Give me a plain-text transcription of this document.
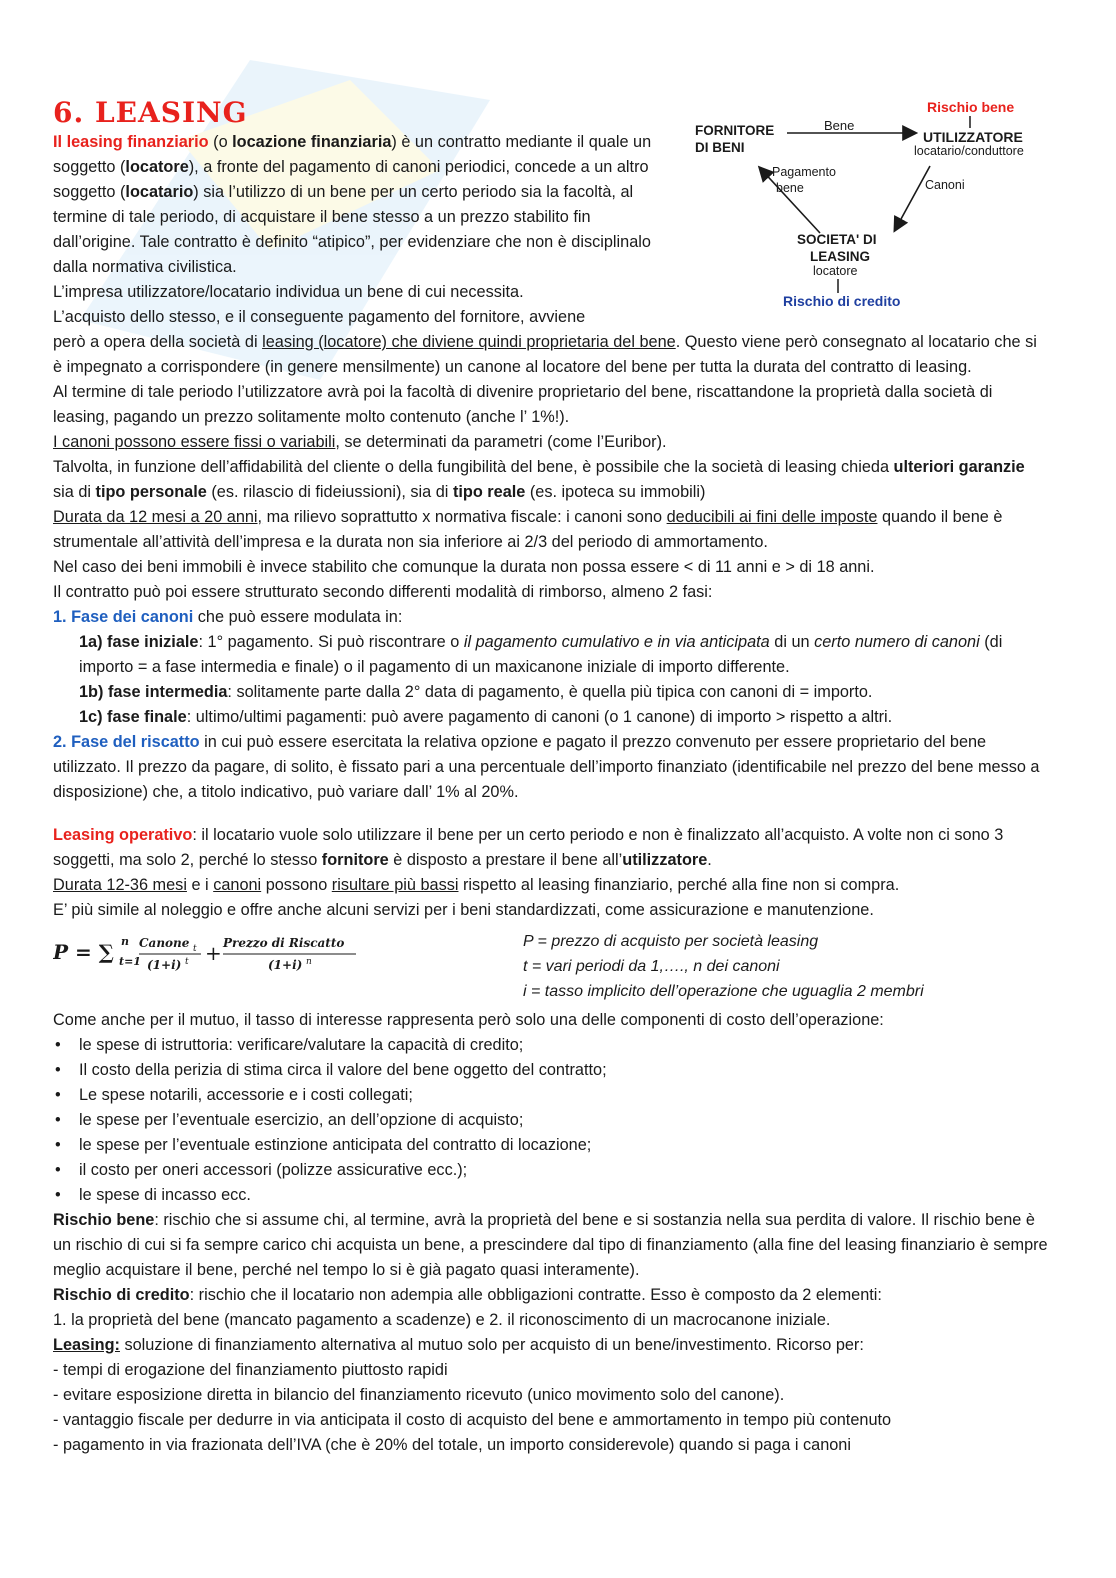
Rischio bene
FORNITORE
DI BENI
Bene
UTILIZZATORE
locatario/conduttore
Pagamento
bene	Canoni
SOCIETA' DI
LEASING
locatore
Rischio di credito
6. LEASING

Il leasing finanziario (o locazione finanziaria) è un contratto mediante il quale un soggetto (locatore), a fronte del pagamento di canoni periodici, concede a un altro soggetto (locatario) sia l’utilizzo di un bene per un certo periodo sia la facoltà, al termine di tale periodo, di acquistare il bene stesso a un prezzo stabilito fin dall’origine. Tale contratto è definito “atipico”, per evidenziare che non è disciplinalo dalla normativa civilistica.

L’impresa utilizzatore/locatario individua un bene di cui necessita.

L’acquisto dello stesso, e il conseguente pagamento del fornitore, avviene

però a opera della società di leasing (locatore) che diviene quindi proprietaria del bene. Questo viene però consegnato al locatario che si è impegnato a corrispondere (in genere mensilmente) un canone al locatore del bene per tutta la durata del contratto di leasing.

Al termine di tale periodo l’utilizzatore avrà poi la facoltà di divenire proprietario del bene, riscattandone la proprietà dalla società di leasing, pagando un prezzo solitamente molto contenuto (anche l’ 1%!).

I canoni possono essere fissi o variabili, se determinati da parametri (come l’Euribor).

Talvolta, in funzione dell’affidabilità del cliente o della fungibilità del bene, è possibile che la società di leasing chieda ulteriori garanzie sia di tipo personale (es. rilascio di fideiussioni), sia di tipo reale (es. ipoteca su immobili)

Durata da 12 mesi a 20 anni, ma rilievo soprattutto x normativa fiscale: i canoni sono deducibili ai fini delle imposte quando il bene è strumentale all’attività dell’impresa e la durata non sia inferiore ai 2/3 del periodo di ammortamento.

Nel caso dei beni immobili è invece stabilito che comunque la durata non possa essere < di 11 anni e > di 18 anni.

Il contratto può poi essere strutturato secondo differenti modalità di rimborso, almeno 2 fasi:

1. Fase dei canoni che può essere modulata in:

1a) fase iniziale: 1° pagamento. Si può riscontrare o il pagamento cumulativo e in via anticipata di un certo numero di canoni (di importo = a fase intermedia e finale) o il pagamento di un maxicanone iniziale di importo differente.

1b) fase intermedia: solitamente parte dalla 2° data di pagamento, è quella più tipica con canoni di = importo.

1c) fase finale: ultimo/ultimi pagamenti: può avere pagamento di canoni (o 1 canone) di importo > rispetto a altri.

2. Fase del riscatto in cui può essere esercitata la relativa opzione e pagato il prezzo convenuto per essere proprietario del bene utilizzato. Il prezzo da pagare, di solito, è fissato pari a una percentuale dell’importo finanziato (identificabile nel prezzo del bene messo a disposizione) che, a titolo indicativo, può variare dall’ 1% al 20%.

Leasing operativo: il locatario vuole solo utilizzare il bene per un certo periodo e non è finalizzato all’acquisto. A volte non ci sono 3 soggetti, ma solo 2, perché lo stesso fornitore è disposto a prestare il bene all’utilizzatore.

Durata 12-36 mesi e i canoni possono risultare più bassi rispetto al leasing finanziario, perché alla fine non si compra.

E’ più simile al noleggio e offre anche alcuni servizi per i beni standardizzati, come assicurazione e manutenzione.

P = ∑ n
t=1
Canone t
(1+i) t + Prezzo di Riscatto
(1+i) n
P = prezzo di acquisto per società leasing
t = vari periodi da 1,…., n dei canoni
i = tasso implicito dell’operazione che uguaglia 2 membri

Come anche per il mutuo, il tasso di interesse rappresenta però solo una delle componenti di costo dell’operazione:

• le spese di istruttoria: verificare/valutare la capacità di credito;
• Il costo della perizia di stima circa il valore del bene oggetto del contratto;
• Le spese notarili, accessorie e i costi collegati;
• le spese per l’eventuale esercizio, an dell’opzione di acquisto;
• le spese per l’eventuale estinzione anticipata del contratto di locazione;
• il costo per oneri accessori (polizze assicurative ecc.);
• le spese di incasso ecc.

Rischio bene: rischio che si assume chi, al termine, avrà la proprietà del bene e si sostanzia nella sua perdita di valore. Il rischio bene è un rischio di cui si fa sempre carico chi acquista un bene, a prescindere dal tipo di finanziamento (alla fine del leasing finanziario è sempre meglio acquistare il bene, perché nel tempo lo si è già pagato quasi interamente).

Rischio di credito: rischio che il locatario non adempia alle obbligazioni contratte. Esso è composto da 2 elementi:

1. la proprietà del bene (mancato pagamento a scadenze) e 2. il riconoscimento di un macrocanone iniziale.

Leasing: soluzione di finanziamento alternativa al mutuo solo per acquisto di un bene/investimento. Ricorso per:

- tempi di erogazione del finanziamento piuttosto rapidi

- evitare esposizione diretta in bilancio del finanziamento ricevuto (unico movimento solo del canone).

- vantaggio fiscale per dedurre in via anticipata il costo di acquisto del bene e ammortamento in tempo più contenuto

- pagamento in via frazionata dell’IVA (che è 20% del totale, un importo considerevole) quando si paga i canoni
